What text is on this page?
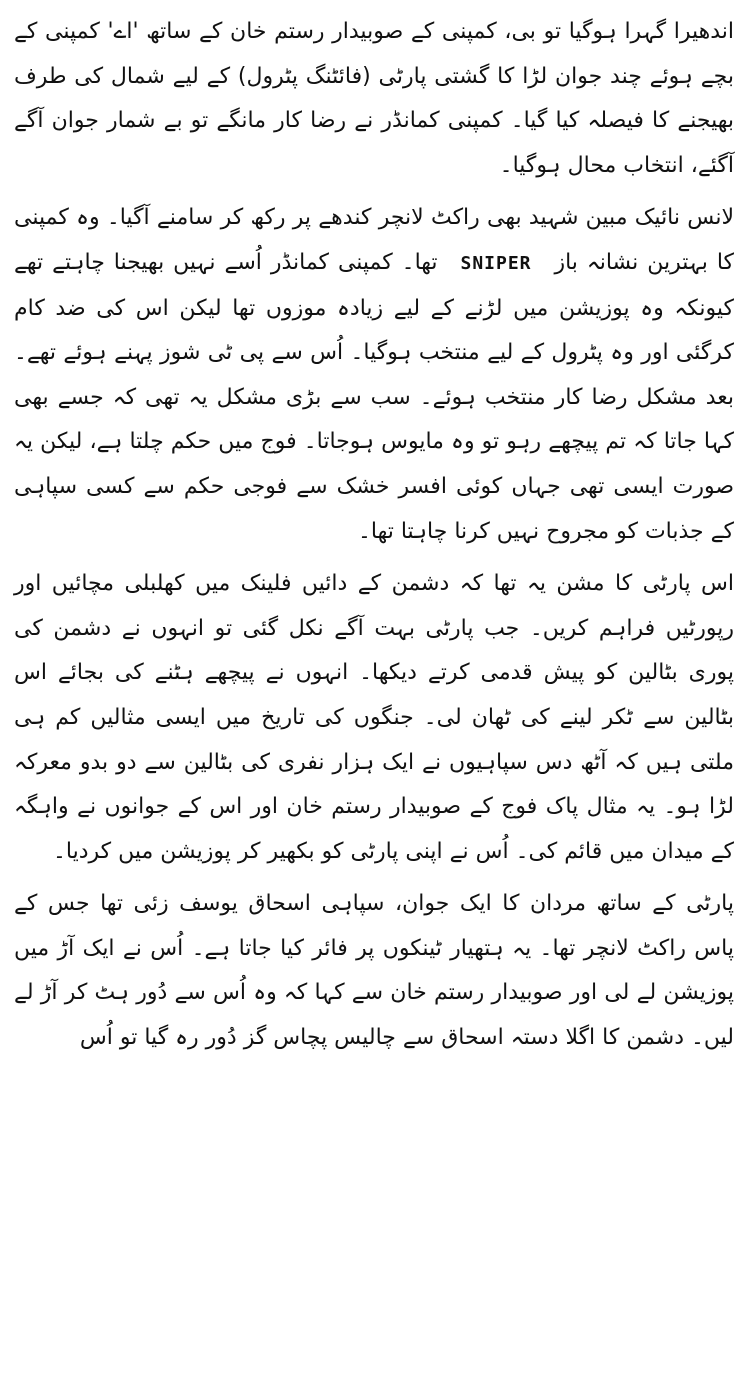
اندھیرا گہرا ہوگیا تو بی، کمپنی کے صوبیدار رستم خان کے ساتھ 'اے' کمپنی کے بچے ہوئے چند جوان لڑا کا گشتی پارٹی (فائٹنگ پٹرول) کے لیے شمال کی طرف بھیجنے کا فیصلہ کیا گیا۔ کمپنی کمانڈر نے رضا کار مانگے تو بے شمار جوان آگے آگئے، انتخاب محال ہوگیا۔

لانس نائیک مبین شہید بھی راکٹ لانچر کندھے پر رکھ کر سامنے آگیا۔ وہ کمپنی کا بہترین نشانہ باز SNIPER تھا۔ کمپنی کمانڈر اُسے نہیں بھیجنا چاہتے تھے کیونکہ وہ پوزیشن میں لڑنے کے لیے زیادہ موزوں تھا لیکن اس کی ضد کام کرگئی اور وہ پٹرول کے لیے منتخب ہوگیا۔ اُس سے پی ٹی شوز پہنے ہوئے تھے۔ بعد مشکل رضا کار منتخب ہوئے۔ سب سے بڑی مشکل یہ تھی کہ جسے بھی کہا جاتا کہ تم پیچھے رہو تو وہ مایوس ہوجاتا۔ فوج میں حکم چلتا ہے، لیکن یہ صورت ایسی تھی جہاں کوئی افسر خشک سے فوجی حکم سے کسی سپاہی کے جذبات کو مجروح نہیں کرنا چاہتا تھا۔

اس پارٹی کا مشن یہ تھا کہ دشمن کے دائیں فلینک میں کھلبلی مچائیں اور رپورٹیں فراہم کریں۔ جب پارٹی بہت آگے نکل گئی تو انہوں نے دشمن کی پوری بٹالین کو پیش قدمی کرتے دیکھا۔ انہوں نے پیچھے ہٹنے کی بجائے اس بٹالین سے ٹکر لینے کی ٹھان لی۔ جنگوں کی تاریخ میں ایسی مثالیں کم ہی ملتی ہیں کہ آٹھ دس سپاہیوں نے ایک ہزار نفری کی بٹالین سے دو بدو معرکہ لڑا ہو۔ یہ مثال پاک فوج کے صوبیدار رستم خان اور اس کے جوانوں نے واہگہ کے میدان میں قائم کی۔ اُس نے اپنی پارٹی کو بکھیر کر پوزیشن میں کردیا۔

پارٹی کے ساتھ مردان کا ایک جوان، سپاہی اسحاق یوسف زئی تھا جس کے پاس راکٹ لانچر تھا۔ یہ ہتھیار ٹینکوں پر فائر کیا جاتا ہے۔ اُس نے ایک آڑ میں پوزیشن لے لی اور صوبیدار رستم خان سے کہا کہ وہ اُس سے دُور ہٹ کر آڑ لے لیں۔ دشمن کا اگلا دستہ اسحاق سے چالیس پچاس گز دُور رہ گیا تو اُس
